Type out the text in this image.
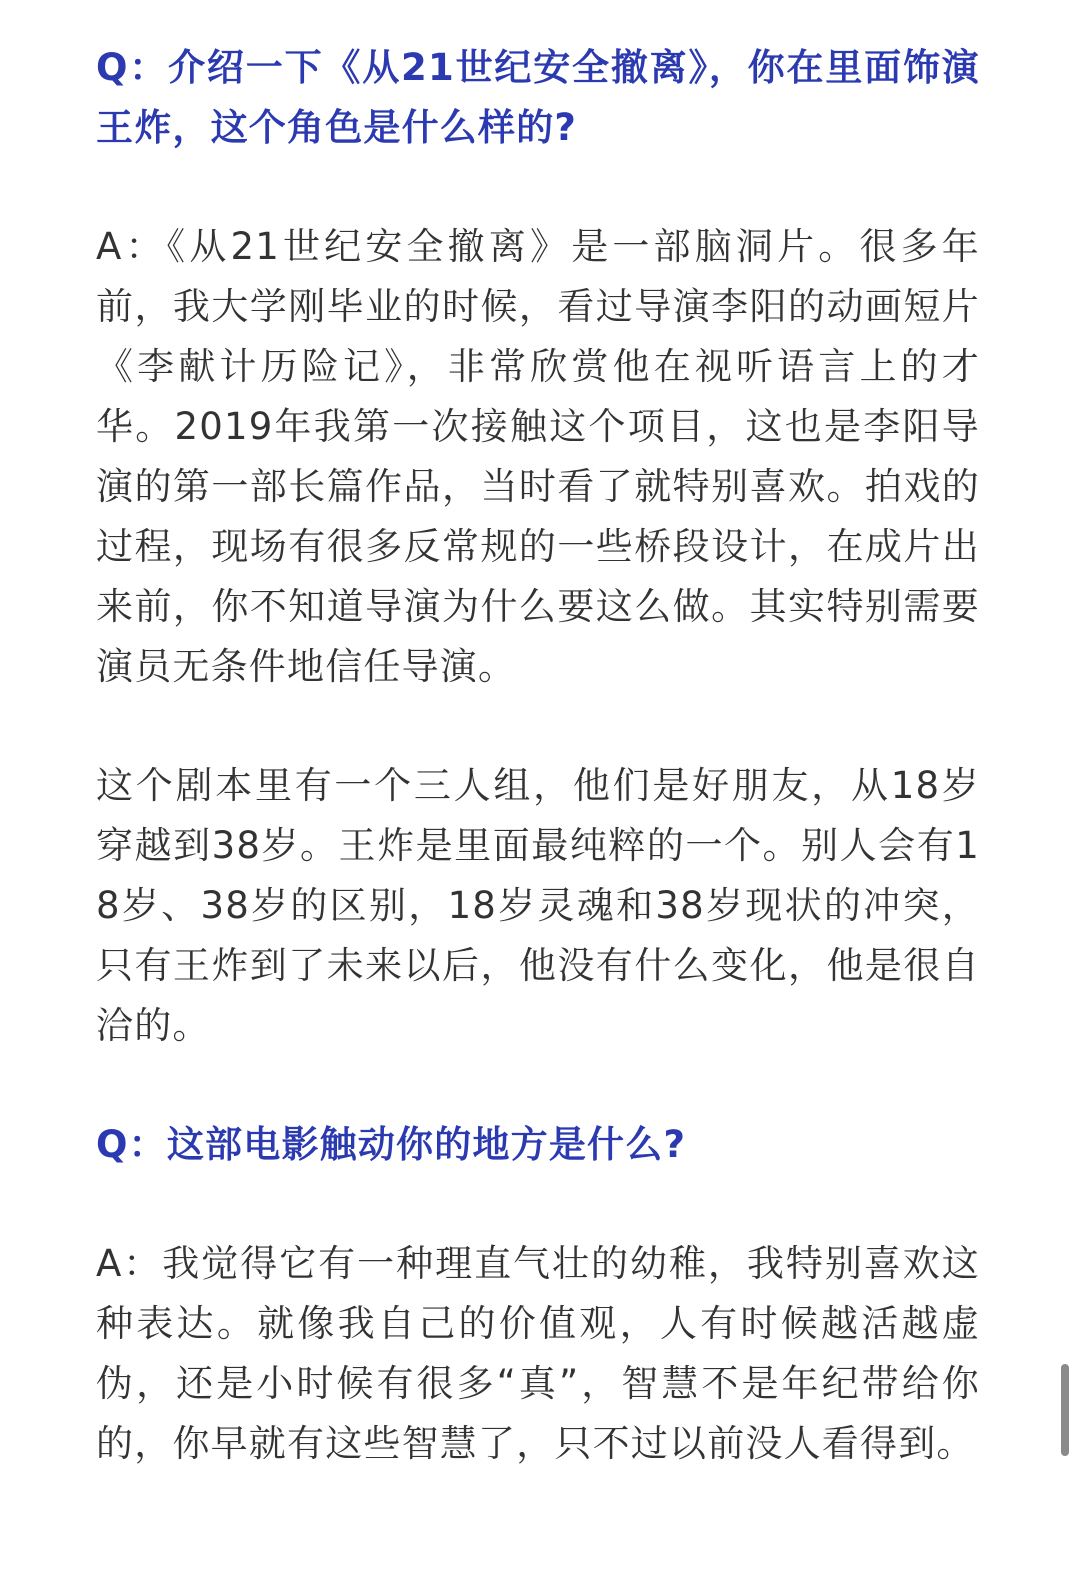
Q：介绍一下《从21世纪安全撤离》，你在里面饰演王炸，这个角色是什么样的?

A：《从21世纪安全撤离》是一部脑洞片。很多年前，我大学刚毕业的时候，看过导演李阳的动画短片《李献计历险记》，非常欣赏他在视听语言上的才华。2019年我第一次接触这个项目，这也是李阳导演的第一部长篇作品，当时看了就特别喜欢。拍戏的过程，现场有很多反常规的一些桥段设计，在成片出来前，你不知道导演为什么要这么做。其实特别需要演员无条件地信任导演。

这个剧本里有一个三人组，他们是好朋友，从18岁穿越到38岁。王炸是里面最纯粹的一个。别人会有18岁、38岁的区别，18岁灵魂和38岁现状的冲突，只有王炸到了未来以后，他没有什么变化，他是很自洽的。

Q：这部电影触动你的地方是什么?

A：我觉得它有一种理直气壮的幼稚，我特别喜欢这种表达。就像我自己的价值观，人有时候越活越虚伪，还是小时候有很多“真”，智慧不是年纪带给你的，你早就有这些智慧了，只不过以前没人看得到。
